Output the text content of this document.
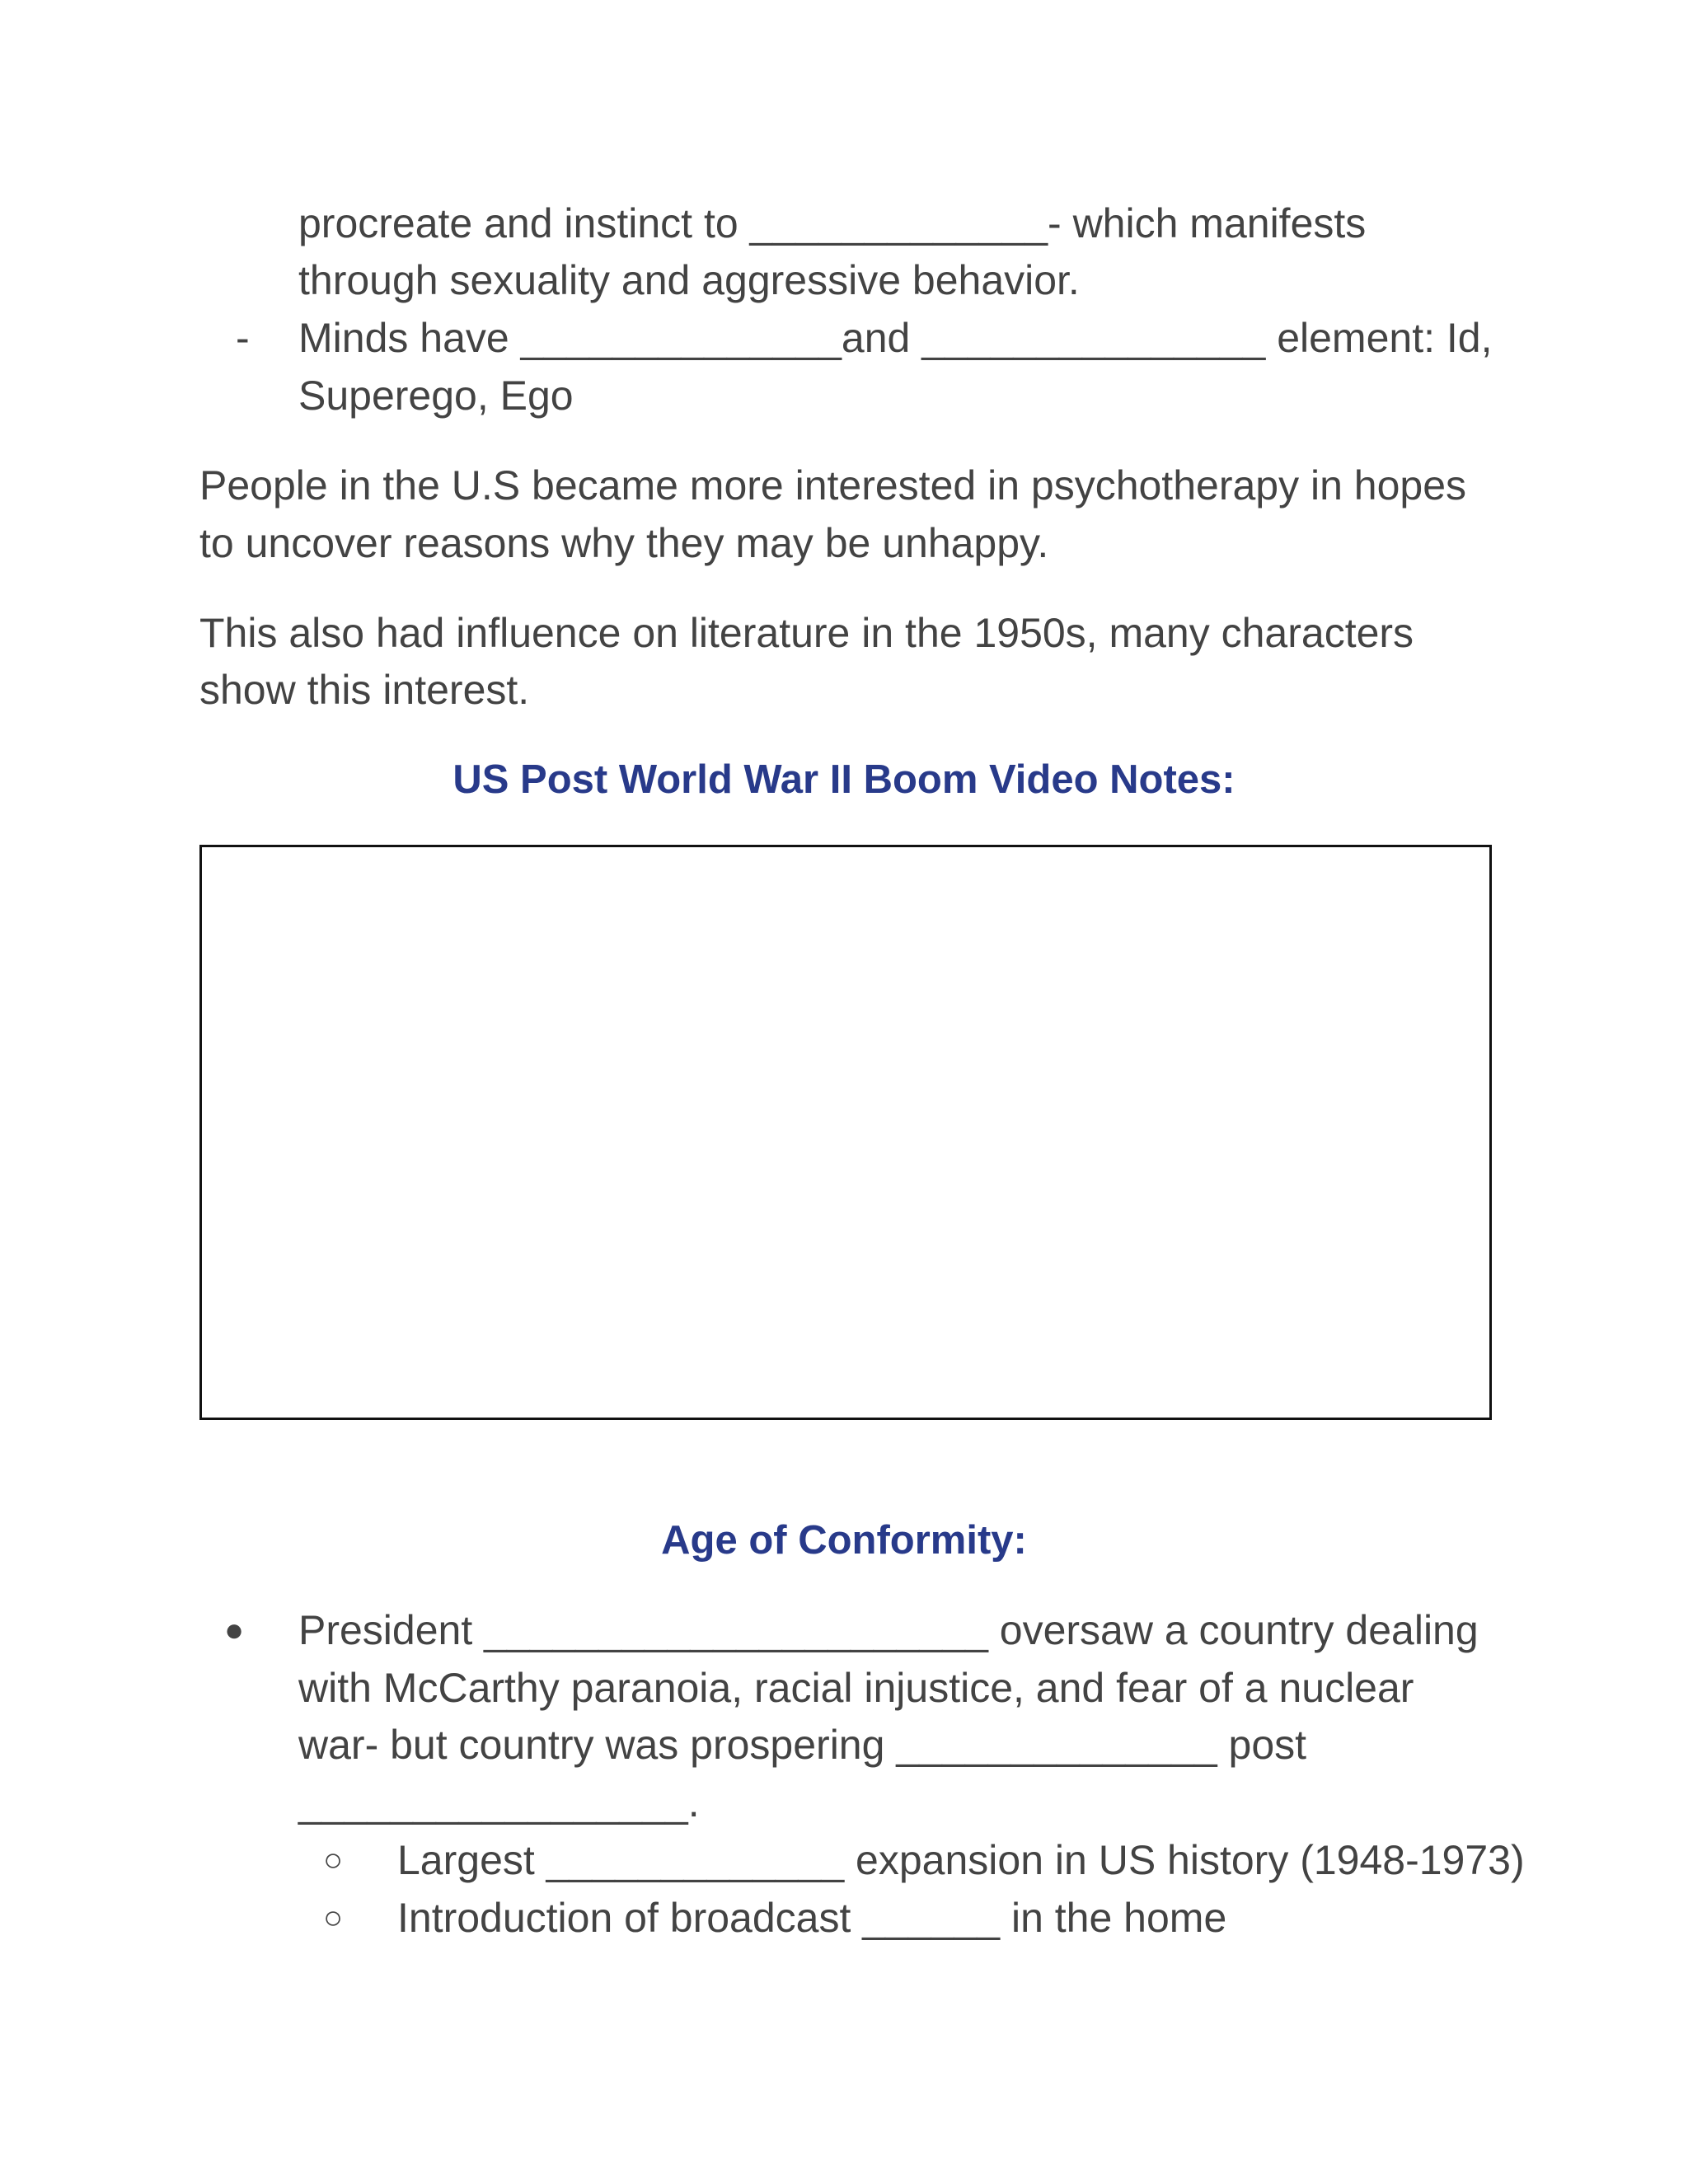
procreate and instinct to _____________- which manifests
through sexuality and aggressive behavior.
- Minds have ______________and _______________ element: Id,
Superego, Ego
People in the U.S became more interested in psychotherapy in hopes
to uncover reasons why they may be unhappy.
This also had influence on literature in the 1950s, many characters
show this interest.
US Post World War II Boom Video Notes:
Age of Conformity:
● President ______________________ oversaw a country dealing
with McCarthy paranoia, racial injustice, and fear of a nuclear
war- but country was prospering ______________ post
_________________.
○ Largest _____________ expansion in US history (1948-1973)
○ Introduction of broadcast ______ in the home
